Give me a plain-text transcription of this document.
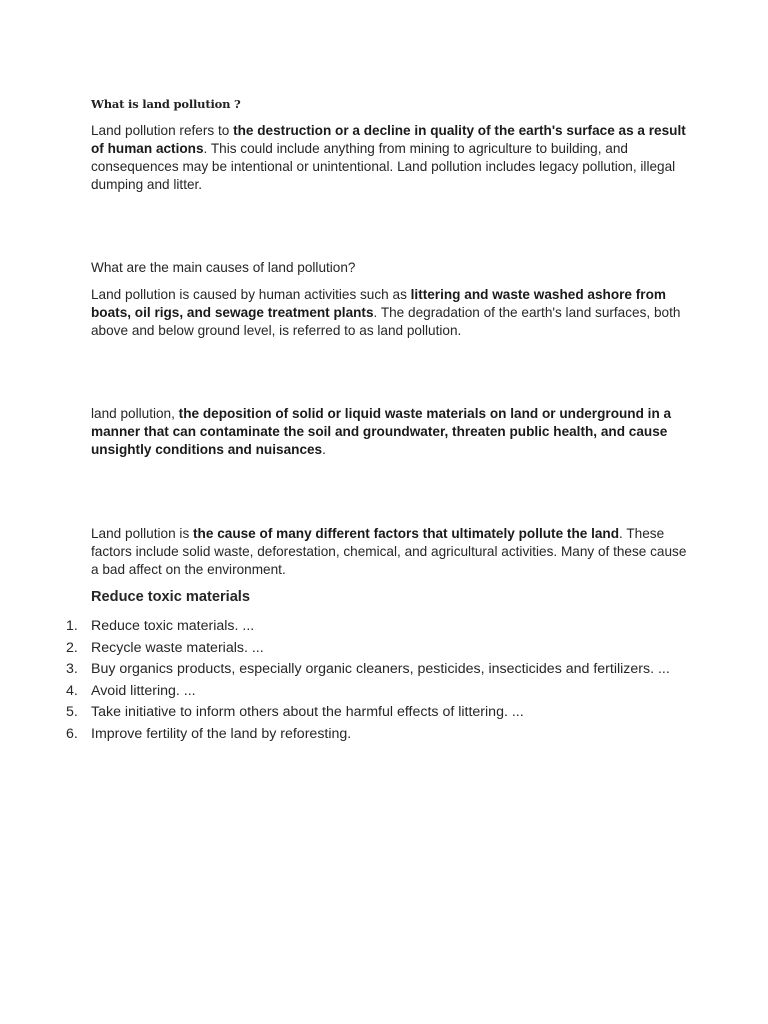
What is land pollution ?
Land pollution refers to the destruction or a decline in quality of the earth's surface as a result of human actions. This could include anything from mining to agriculture to building, and consequences may be intentional or unintentional. Land pollution includes legacy pollution, illegal dumping and litter.
What are the main causes of land pollution?
Land pollution is caused by human activities such as littering and waste washed ashore from boats, oil rigs, and sewage treatment plants. The degradation of the earth's land surfaces, both above and below ground level, is referred to as land pollution.
land pollution, the deposition of solid or liquid waste materials on land or underground in a manner that can contaminate the soil and groundwater, threaten public health, and cause unsightly conditions and nuisances.
Land pollution is the cause of many different factors that ultimately pollute the land. These factors include solid waste, deforestation, chemical, and agricultural activities. Many of these cause a bad affect on the environment.
Reduce toxic materials
1. Reduce toxic materials. ...
2. Recycle waste materials. ...
3. Buy organics products, especially organic cleaners, pesticides, insecticides and fertilizers. ...
4. Avoid littering. ...
5. Take initiative to inform others about the harmful effects of littering. ...
6. Improve fertility of the land by reforesting.
